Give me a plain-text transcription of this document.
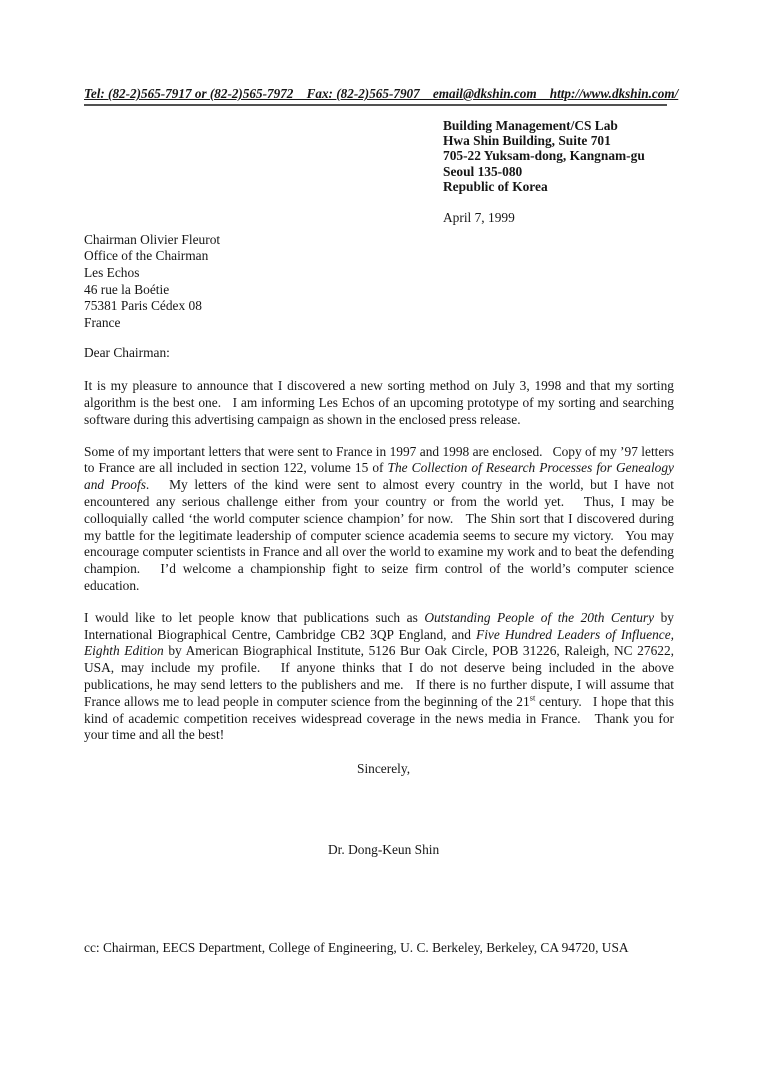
Tel: (82-2)565-7917 or (82-2)565-7972    Fax: (82-2)565-7907    email@dkshin.com    http://www.dkshin.com/
Building Management/CS Lab
Hwa Shin Building, Suite 701
705-22 Yuksam-dong, Kangnam-gu
Seoul 135-080
Republic of Korea
April 7, 1999
Chairman Olivier Fleurot
Office of the Chairman
Les Echos
46 rue la Boétie
75381 Paris Cédex 08
France
Dear Chairman:

It is my pleasure to announce that I discovered a new sorting method on July 3, 1998 and that my sorting algorithm is the best one.   I am informing Les Echos of an upcoming prototype of my sorting and searching software during this advertising campaign as shown in the enclosed press release.

Some of my important letters that were sent to France in 1997 and 1998 are enclosed.   Copy of my ’97 letters to France are all included in section 122, volume 15 of The Collection of Research Processes for Genealogy and Proofs.   My letters of the kind were sent to almost every country in the world, but I have not encountered any serious challenge either from your country or from the world yet.   Thus, I may be colloquially called ‘the world computer science champion’ for now.   The Shin sort that I discovered during my battle for the legitimate leadership of computer science academia seems to secure my victory.   You may encourage computer scientists in France and all over the world to examine my work and to beat the defending champion.   I’d welcome a championship fight to seize firm control of the world’s computer science education.

I would like to let people know that publications such as Outstanding People of the 20th Century by International Biographical Centre, Cambridge CB2 3QP England, and Five Hundred Leaders of Influence, Eighth Edition by American Biographical Institute, 5126 Bur Oak Circle, POB 31226, Raleigh, NC 27622, USA, may include my profile.   If anyone thinks that I do not deserve being included in the above publications, he may send letters to the publishers and me.   If there is no further dispute, I will assume that France allows me to lead people in computer science from the beginning of the 21st century.   I hope that this kind of academic competition receives widespread coverage in the news media in France.   Thank you for your time and all the best!

Sincerely,
Dr. Dong-Keun Shin
cc: Chairman, EECS Department, College of Engineering, U. C. Berkeley, Berkeley, CA 94720, USA
